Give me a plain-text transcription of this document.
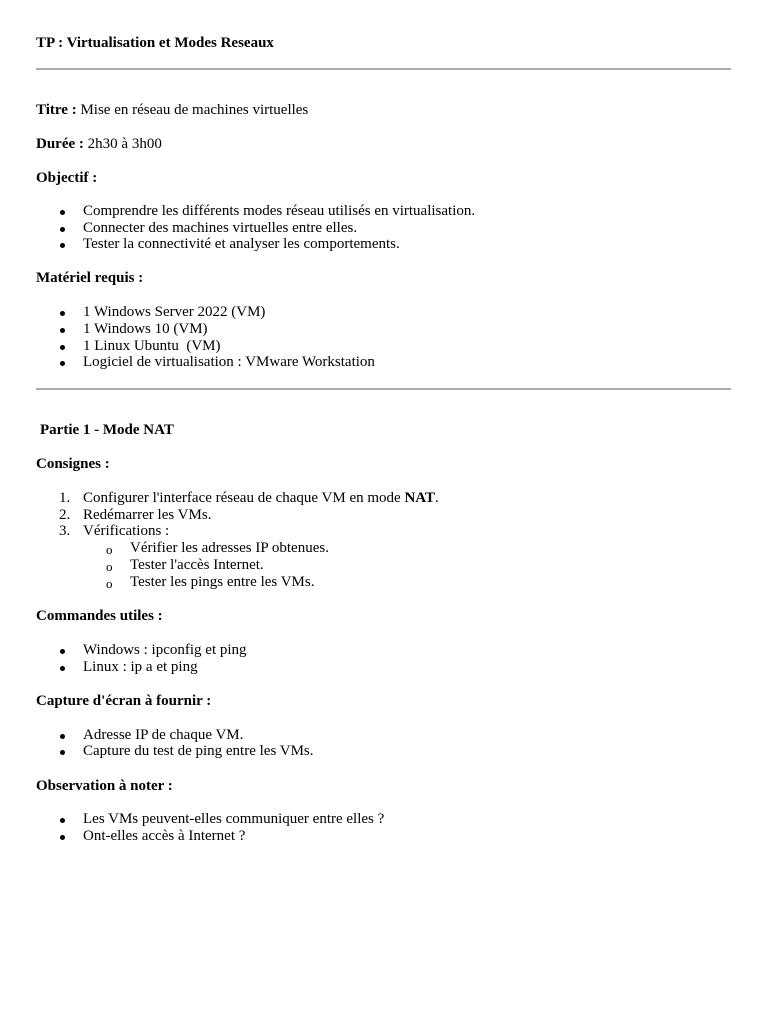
TP : Virtualisation et Modes Reseaux
Titre : Mise en réseau de machines virtuelles
Durée : 2h30 à 3h00
Objectif :
Comprendre les différents modes réseau utilisés en virtualisation.
Connecter des machines virtuelles entre elles.
Tester la connectivité et analyser les comportements.
Matériel requis :
1 Windows Server 2022 (VM)
1 Windows 10 (VM)
1 Linux Ubuntu  (VM)
Logiciel de virtualisation : VMware Workstation
Partie 1 - Mode NAT
Consignes :
1. Configurer l'interface réseau de chaque VM en mode NAT.
2. Redémarrer les VMs.
3. Vérifications :
o Vérifier les adresses IP obtenues.
o Tester l'accès Internet.
o Tester les pings entre les VMs.
Commandes utiles :
Windows : ipconfig et ping
Linux : ip a et ping
Capture d'écran à fournir :
Adresse IP de chaque VM.
Capture du test de ping entre les VMs.
Observation à noter :
Les VMs peuvent-elles communiquer entre elles ?
Ont-elles accès à Internet ?
